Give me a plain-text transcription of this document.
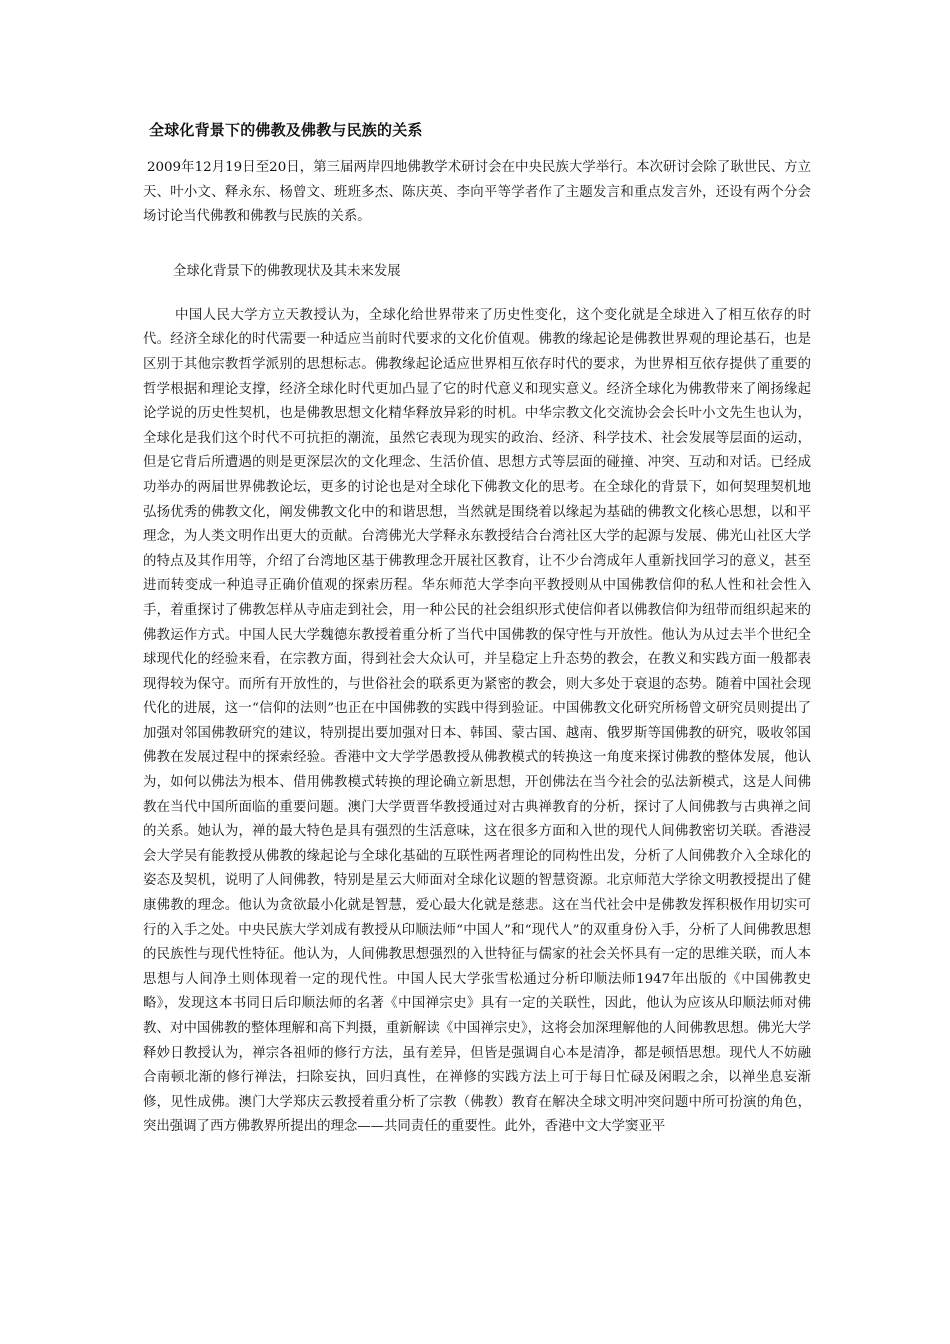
全球化背景下的佛教及佛教与民族的关系

2009年12月19日至20日，第三届两岸四地佛教学术研讨会在中央民族大学举行。本次研讨会除了耿世民、方立天、叶小文、释永东、杨曾文、班班多杰、陈庆英、李向平等学者作了主题发言和重点发言外，还设有两个分会场讨论当代佛教和佛教与民族的关系。

全球化背景下的佛教现状及其未来发展

中国人民大学方立天教授认为，全球化给世界带来了历史性变化，这个变化就是全球进入了相互依存的时代。经济全球化的时代需要一种适应当前时代要求的文化价值观。佛教的缘起论是佛教世界观的理论基石，也是区别于其他宗教哲学派别的思想标志。佛教缘起论适应世界相互依存时代的要求，为世界相互依存提供了重要的哲学根据和理论支撑，经济全球化时代更加凸显了它的时代意义和现实意义。经济全球化为佛教带来了阐扬缘起论学说的历史性契机，也是佛教思想文化精华释放异彩的时机。中华宗教文化交流协会会长叶小文先生也认为，全球化是我们这个时代不可抗拒的潮流，虽然它表现为现实的政治、经济、科学技术、社会发展等层面的运动，但是它背后所遭遇的则是更深层次的文化理念、生活价值、思想方式等层面的碰撞、冲突、互动和对话。已经成功举办的两届世界佛教论坛，更多的讨论也是对全球化下佛教文化的思考。在全球化的背景下，如何契理契机地弘扬优秀的佛教文化，阐发佛教文化中的和谐思想，当然就是围绕着以缘起为基础的佛教文化核心思想，以和平理念，为人类文明作出更大的贡献。台湾佛光大学释永东教授结合台湾社区大学的起源与发展、佛光山社区大学的特点及其作用等，介绍了台湾地区基于佛教理念开展社区教育，让不少台湾成年人重新找回学习的意义，甚至进而转变成一种追寻正确价值观的探索历程。华东师范大学李向平教授则从中国佛教信仰的私人性和社会性入手，着重探讨了佛教怎样从寺庙走到社会，用一种公民的社会组织形式使信仰者以佛教信仰为纽带而组织起来的佛教运作方式。中国人民大学魏德东教授着重分析了当代中国佛教的保守性与开放性。他认为从过去半个世纪全球现代化的经验来看，在宗教方面，得到社会大众认可，并呈稳定上升态势的教会，在教义和实践方面一般都表现得较为保守。而所有开放性的，与世俗社会的联系更为紧密的教会，则大多处于衰退的态势。随着中国社会现代化的进展，这一“信仰的法则”也正在中国佛教的实践中得到验证。中国佛教文化研究所杨曾文研究员则提出了加强对邻国佛教研究的建议，特别提出要加强对日本、韩国、蒙古国、越南、俄罗斯等国佛教的研究，吸收邻国佛教在发展过程中的探索经验。香港中文大学学愚教授从佛教模式的转换这一角度来探讨佛教的整体发展，他认为，如何以佛法为根本、借用佛教模式转换的理论确立新思想，开创佛法在当今社会的弘法新模式，这是人间佛教在当代中国所面临的重要问题。澳门大学贾晋华教授通过对古典禅教育的分析，探讨了人间佛教与古典禅之间的关系。她认为，禅的最大特色是具有强烈的生活意味，这在很多方面和入世的现代人间佛教密切关联。香港浸会大学吴有能教授从佛教的缘起论与全球化基础的互联性两者理论的同构性出发，分析了人间佛教介入全球化的姿态及契机，说明了人间佛教，特别是星云大师面对全球化议题的智慧资源。北京师范大学徐文明教授提出了健康佛教的理念。他认为贪欲最小化就是智慧，爱心最大化就是慈悲。这在当代社会中是佛教发挥积极作用切实可行的入手之处。中央民族大学刘成有教授从印顺法师“中国人”和“现代人”的双重身份入手，分析了人间佛教思想的民族性与现代性特征。他认为，人间佛教思想强烈的入世特征与儒家的社会关怀具有一定的思维关联，而人本思想与人间净土则体现着一定的现代性。中国人民大学张雪松通过分析印顺法师1947年出版的《中国佛教史略》，发现这本书同日后印顺法师的名著《中国禅宗史》具有一定的关联性，因此，他认为应该从印顺法师对佛教、对中国佛教的整体理解和高下判摄，重新解读《中国禅宗史》，这将会加深理解他的人间佛教思想。佛光大学释妙日教授认为，禅宗各祖师的修行方法，虽有差异，但皆是强调自心本是清净，都是顿悟思想。现代人不妨融合南顿北渐的修行禅法，扫除妄执，回归真性，在禅修的实践方法上可于每日忙碌及闲暇之余，以禅坐息妄渐修，见性成佛。澳门大学郑庆云教授着重分析了宗教（佛教）教育在解决全球文明冲突问题中所可扮演的角色，突出强调了西方佛教界所提出的理念——共同责任的重要性。此外，香港中文大学窦亚平
